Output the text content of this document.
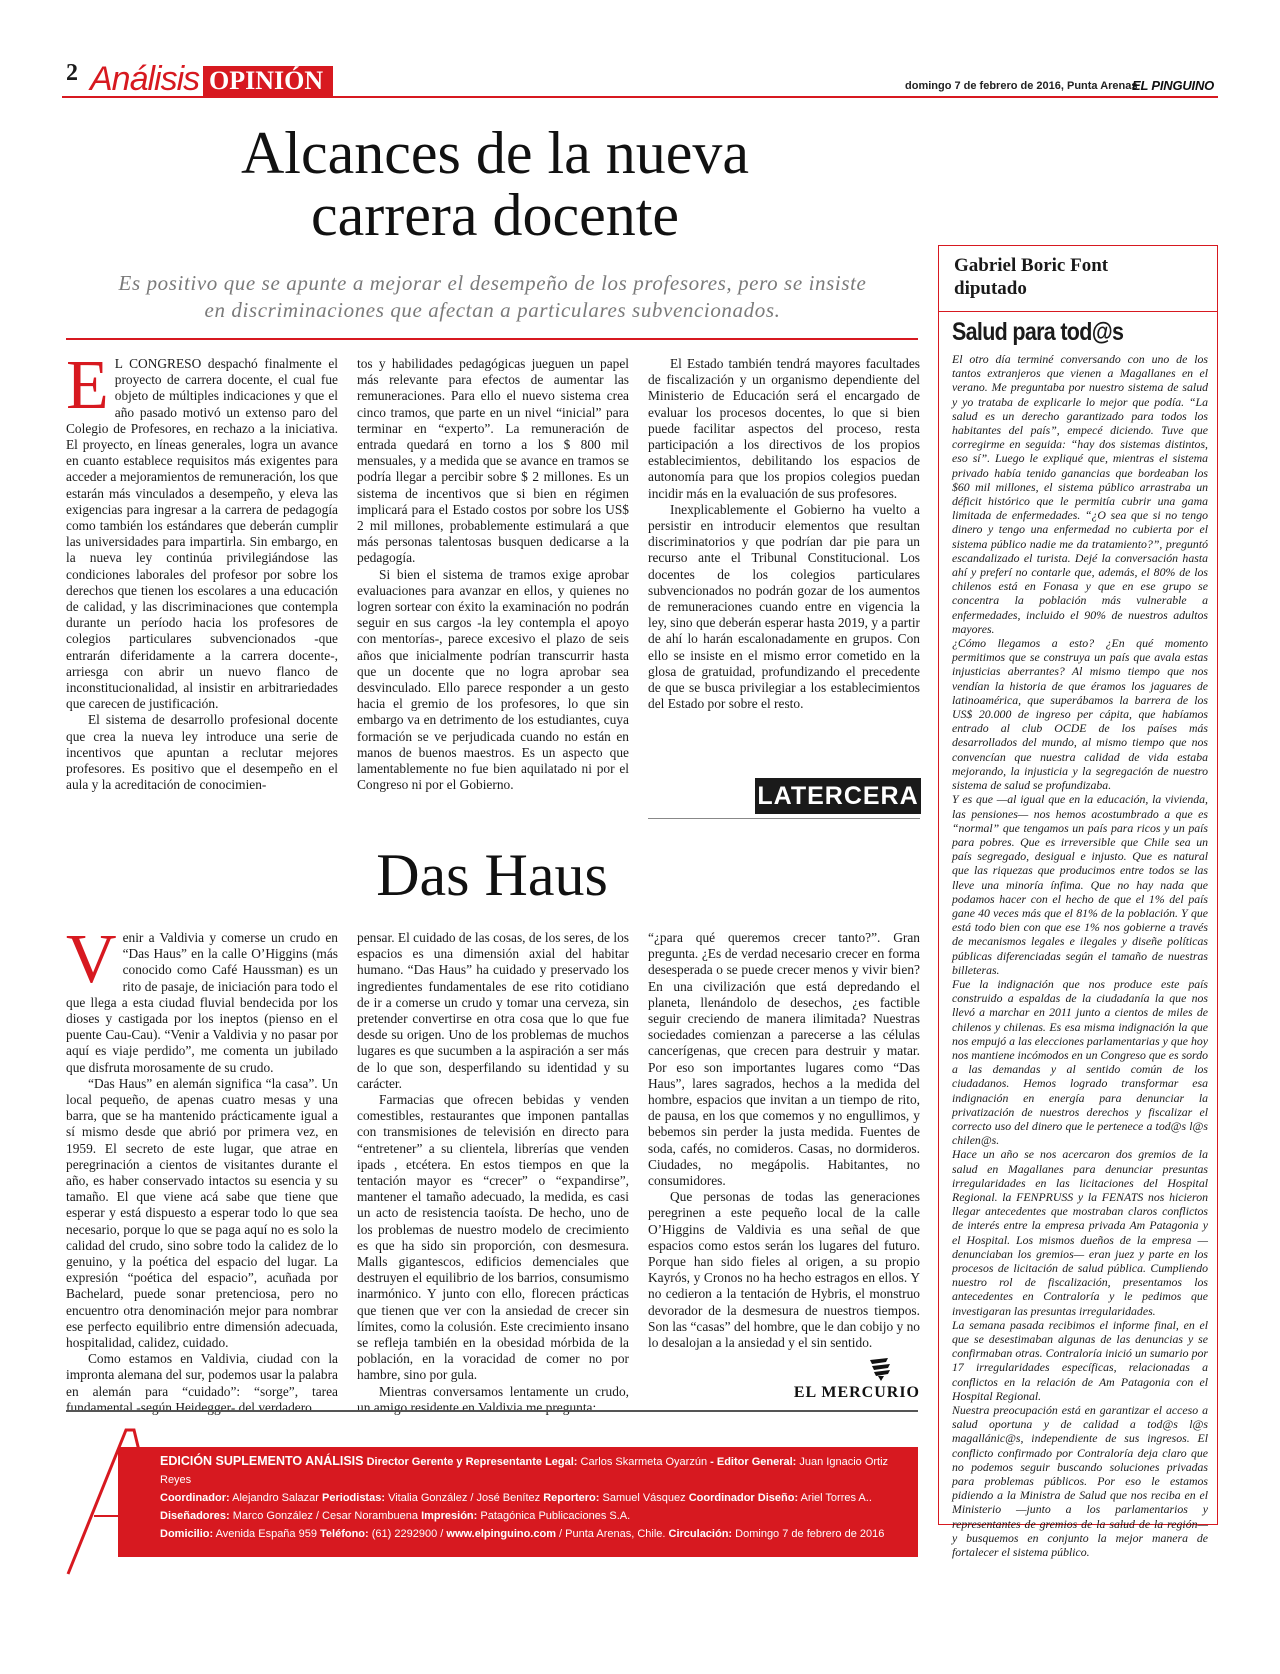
2 Análisis OPINIÓN	domingo 7 de febrero de 2016, Punta Arenas
EL PINGUINO
Alcances de la nueva
carrera docente
Es positivo que se apunte a mejorar el desempeño de los profesores, pero se insiste
en discriminaciones que afectan a particulares subvencionados.
E L CONGRESO despachó finalmente el proyecto de carrera docente, el cual fue objeto de múltiples indicaciones y que el año pasado motivó un extenso paro del Colegio de Profesores, en rechazo a la iniciativa. El proyecto, en líneas generales, logra un avance en cuanto establece requisitos más exigentes para acceder a mejoramientos de remuneración, los que estarán más vinculados a desempeño, y eleva las exigencias para ingresar a la carrera de pedagogía como también los estándares que deberán cumplir las universidades para impartirla. Sin embargo, en la nueva ley continúa privilegiándose las condiciones laborales del profesor por sobre los derechos que tienen los escolares a una educación de calidad, y las discriminaciones que contempla durante un período hacia los profesores de colegios particulares subvencionados -que entrarán diferidamente a la carrera docente-, arriesga con abrir un nuevo flanco de inconstitucionalidad, al insistir en arbitrariedades que carecen de justificación.

El sistema de desarrollo profesional docente que crea la nueva ley introduce una serie de incentivos que apuntan a reclutar mejores profesores. Es positivo que el desempeño en el aula y la acreditación de conocimien-

tos y habilidades pedagógicas jueguen un papel más relevante para efectos de aumentar las remuneraciones. Para ello el nuevo sistema crea cinco tramos, que parte en un nivel “inicial” para terminar en “experto”. La remuneración de entrada quedará en torno a los $ 800 mil mensuales, y a medida que se avance en tramos se podría llegar a percibir sobre $ 2 millones. Es un sistema de incentivos que si bien en régimen implicará para el Estado costos por sobre los US$ 2 mil millones, probablemente estimulará a que más personas talentosas busquen dedicarse a la pedagogía.

Si bien el sistema de tramos exige aprobar evaluaciones para avanzar en ellos, y quienes no logren sortear con éxito la examinación no podrán seguir en sus cargos -la ley contempla el apoyo con mentorías-, parece excesivo el plazo de seis años que inicialmente podrían transcurrir hasta que un docente que no logra aprobar sea desvinculado. Ello parece responder a un gesto hacia el gremio de los profesores, lo que sin embargo va en detrimento de los estudiantes, cuya formación se ve perjudicada cuando no están en manos de buenos maestros. Es un aspecto que lamentablemente no fue bien aquilatado ni por el Congreso ni por el Gobierno.

El Estado también tendrá mayores facultades de fiscalización y un organismo dependiente del Ministerio de Educación será el encargado de evaluar los procesos docentes, lo que si bien puede facilitar aspectos del proceso, resta participación a los directivos de los propios establecimientos, debilitando los espacios de autonomía para que los propios colegios puedan incidir más en la evaluación de sus profesores.

Inexplicablemente el Gobierno ha vuelto a persistir en introducir elementos que resultan discriminatorios y que podrían dar pie para un recurso ante el Tribunal Constitucional. Los docentes de los colegios particulares subvencionados no podrán gozar de los aumentos de remuneraciones cuando entre en vigencia la ley, sino que deberán esperar hasta 2019, y a partir de ahí lo harán escalonadamente en grupos. Con ello se insiste en el mismo error cometido en la glosa de gratuidad, profundizando el precedente de que se busca privilegiar a los establecimientos del Estado por sobre el resto.

LATERCERA
Das Haus
V enir a Valdivia y comerse un crudo en “Das Haus” en la calle O’Higgins (más conocido como Café Haussman) es un rito de pasaje, de iniciación para todo el que llega a esta ciudad fluvial bendecida por los dioses y castigada por los ineptos (pienso en el puente Cau-Cau). “Venir a Valdivia y no pasar por aquí es viaje perdido”, me comenta un jubilado que disfruta morosamente de su crudo.

“Das Haus” en alemán significa “la casa”. Un local pequeño, de apenas cuatro mesas y una barra, que se ha mantenido prácticamente igual a sí mismo desde que abrió por primera vez, en 1959. El secreto de este lugar, que atrae en peregrinación a cientos de visitantes durante el año, es haber conservado intactos su esencia y su tamaño. El que viene acá sabe que tiene que esperar y está dispuesto a esperar todo lo que sea necesario, porque lo que se paga aquí no es solo la calidad del crudo, sino sobre todo la calidez de lo genuino, y la poética del espacio del lugar. La expresión “poética del espacio”, acuñada por Bachelard, puede sonar pretenciosa, pero no encuentro otra denominación mejor para nombrar ese perfecto equilibrio entre dimensión adecuada, hospitalidad, calidez, cuidado.

Como estamos en Valdivia, ciudad con la impronta alemana del sur, podemos usar la palabra en alemán para “cuidado”: “sorge”, tarea fundamental -según Heidegger- del verdadero

pensar. El cuidado de las cosas, de los seres, de los espacios es una dimensión axial del habitar humano. “Das Haus” ha cuidado y preservado los ingredientes fundamentales de ese rito cotidiano de ir a comerse un crudo y tomar una cerveza, sin pretender convertirse en otra cosa que lo que fue desde su origen. Uno de los problemas de muchos lugares es que sucumben a la aspiración a ser más de lo que son, desperfilando su identidad y su carácter.

Farmacias que ofrecen bebidas y venden comestibles, restaurantes que imponen pantallas con transmisiones de televisión en directo para “entretener” a su clientela, librerías que venden ipads , etcétera. En estos tiempos en que la tentación mayor es “crecer” o “expandirse”, mantener el tamaño adecuado, la medida, es casi un acto de resistencia taoísta. De hecho, uno de los problemas de nuestro modelo de crecimiento es que ha sido sin proporción, con desmesura. Malls gigantescos, edificios demenciales que destruyen el equilibrio de los barrios, consumismo inarmónico. Y junto con ello, florecen prácticas que tienen que ver con la ansiedad de crecer sin límites, como la colusión. Este crecimiento insano se refleja también en la obesidad mórbida de la población, en la voracidad de comer no por hambre, sino por gula.

Mientras conversamos lentamente un crudo, un amigo residente en Valdivia me pregunta:

“¿para qué queremos crecer tanto?”. Gran pregunta. ¿Es de verdad necesario crecer en forma desesperada o se puede crecer menos y vivir bien? En una civilización que está depredando el planeta, llenándolo de desechos, ¿es factible seguir creciendo de manera ilimitada? Nuestras sociedades comienzan a parecerse a las células cancerígenas, que crecen para destruir y matar. Por eso son importantes lugares como “Das Haus”, lares sagrados, hechos a la medida del hombre, espacios que invitan a un tiempo de rito, de pausa, en los que comemos y no engullimos, y bebemos sin perder la justa medida. Fuentes de soda, cafés, no comideros. Casas, no dormideros. Ciudades, no megápolis. Habitantes, no consumidores.

Que personas de todas las generaciones peregrinen a este pequeño local de la calle O’Higgins de Valdivia es una señal de que espacios como estos serán los lugares del futuro. Porque han sido fieles al origen, a su propio Kayrós, y Cronos no ha hecho estragos en ellos. Y no cedieron a la tentación de Hybris, el monstruo devorador de la desmesura de nuestros tiempos. Son las “casas” del hombre, que le dan cobijo y no lo desalojan a la ansiedad y el sin sentido.

EL MERCURIO
EDICIÓN SUPLEMENTO ANÁLISIS Director Gerente y Representante Legal: Carlos Skarmeta Oyarzún - Editor General: Juan Ignacio Ortiz Reyes
Coordinador: Alejandro Salazar Periodistas: Vitalia González / José Benítez Reportero: Samuel Vásquez Coordinador Diseño: Ariel Torres A.. Diseñadores: Marco González / Cesar Norambuena Impresión: Patagónica Publicaciones S.A.
Domicilio: Avenida España 959 Teléfono: (61) 2292900 / www.elpinguino.com / Punta Arenas, Chile. Circulación: Domingo 7 de febrero de 2016
Gabriel Boric Font
diputado
Salud para tod@s

El otro día terminé conversando con uno de los tantos extranjeros que vienen a Magallanes en el verano. Me preguntaba por nuestro sistema de salud y yo trataba de explicarle lo mejor que podía. “La salud es un derecho garantizado para todos los habitantes del país”, empecé diciendo. Tuve que corregirme en seguida: “hay dos sistemas distintos, eso sí”. Luego le expliqué que, mientras el sistema privado había tenido ganancias que bordeaban los $60 mil millones, el sistema público arrastraba un déficit histórico que le permitía cubrir una gama limitada de enfermedades. “¿O sea que si no tengo dinero y tengo una enfermedad no cubierta por el sistema público nadie me da tratamiento?”, preguntó escandalizado el turista. Dejé la conversación hasta ahí y preferí no contarle que, además, el 80% de los chilenos está en Fonasa y que en ese grupo se concentra la población más vulnerable a enfermedades, incluido el 90% de nuestros adultos mayores.

¿Cómo llegamos a esto? ¿En qué momento permitimos que se construya un país que avala estas injusticias aberrantes? Al mismo tiempo que nos vendían la historia de que éramos los jaguares de latinoamérica, que superábamos la barrera de los US$ 20.000 de ingreso per cápita, que habíamos entrado al club OCDE de los países más desarrollados del mundo, al mismo tiempo que nos convencían que nuestra calidad de vida estaba mejorando, la injusticia y la segregación de nuestro sistema de salud se profundizaba.

Y es que —al igual que en la educación, la vivienda, las pensiones— nos hemos acostumbrado a que es “normal” que tengamos un país para ricos y un país para pobres. Que es irreversible que Chile sea un país segregado, desigual e injusto. Que es natural que las riquezas que producimos entre todos se las lleve una minoría ínfima. Que no hay nada que podamos hacer con el hecho de que el 1% del país gane 40 veces más que el 81% de la población. Y que está todo bien con que ese 1% nos gobierne a través de mecanismos legales e ilegales y diseñe políticas públicas diferenciadas según el tamaño de nuestras billeteras.

Fue la indignación que nos produce este país construido a espaldas de la ciudadanía la que nos llevó a marchar en 2011 junto a cientos de miles de chilenos y chilenas. Es esa misma indignación la que nos empujó a las elecciones parlamentarias y que hoy nos mantiene incómodos en un Congreso que es sordo a las demandas y al sentido común de los ciudadanos. Hemos logrado transformar esa indignación en energía para denunciar la privatización de nuestros derechos y fiscalizar el correcto uso del dinero que le pertenece a tod@s l@s chilen@s.

Hace un año se nos acercaron dos gremios de la salud en Magallanes para denunciar presuntas irregularidades en las licitaciones del Hospital Regional. la FENPRUSS y la FENATS nos hicieron llegar antecedentes que mostraban claros conflictos de interés entre la empresa privada Am Patagonia y el Hospital. Los mismos dueños de la empresa —denunciaban los gremios— eran juez y parte en los procesos de licitación de salud pública. Cumpliendo nuestro rol de fiscalización, presentamos los antecedentes en Contraloría y le pedimos que investigaran las presuntas irregularidades.

La semana pasada recibimos el informe final, en el que se desestimaban algunas de las denuncias y se confirmaban otras. Contraloría inició un sumario por 17 irregularidades específicas, relacionadas a conflictos en la relación de Am Patagonia con el Hospital Regional.

Nuestra preocupación está en garantizar el acceso a salud oportuna y de calidad a tod@s l@s magallánic@s, independiente de sus ingresos. El conflicto confirmado por Contraloría deja claro que no podemos seguir buscando soluciones privadas para problemas públicos. Por eso le estamos pidiendo a la Ministra de Salud que nos reciba en el Ministerio —junto a los parlamentarios y representantes de gremios de la salud de la región— y busquemos en conjunto la mejor manera de fortalecer el sistema público.
